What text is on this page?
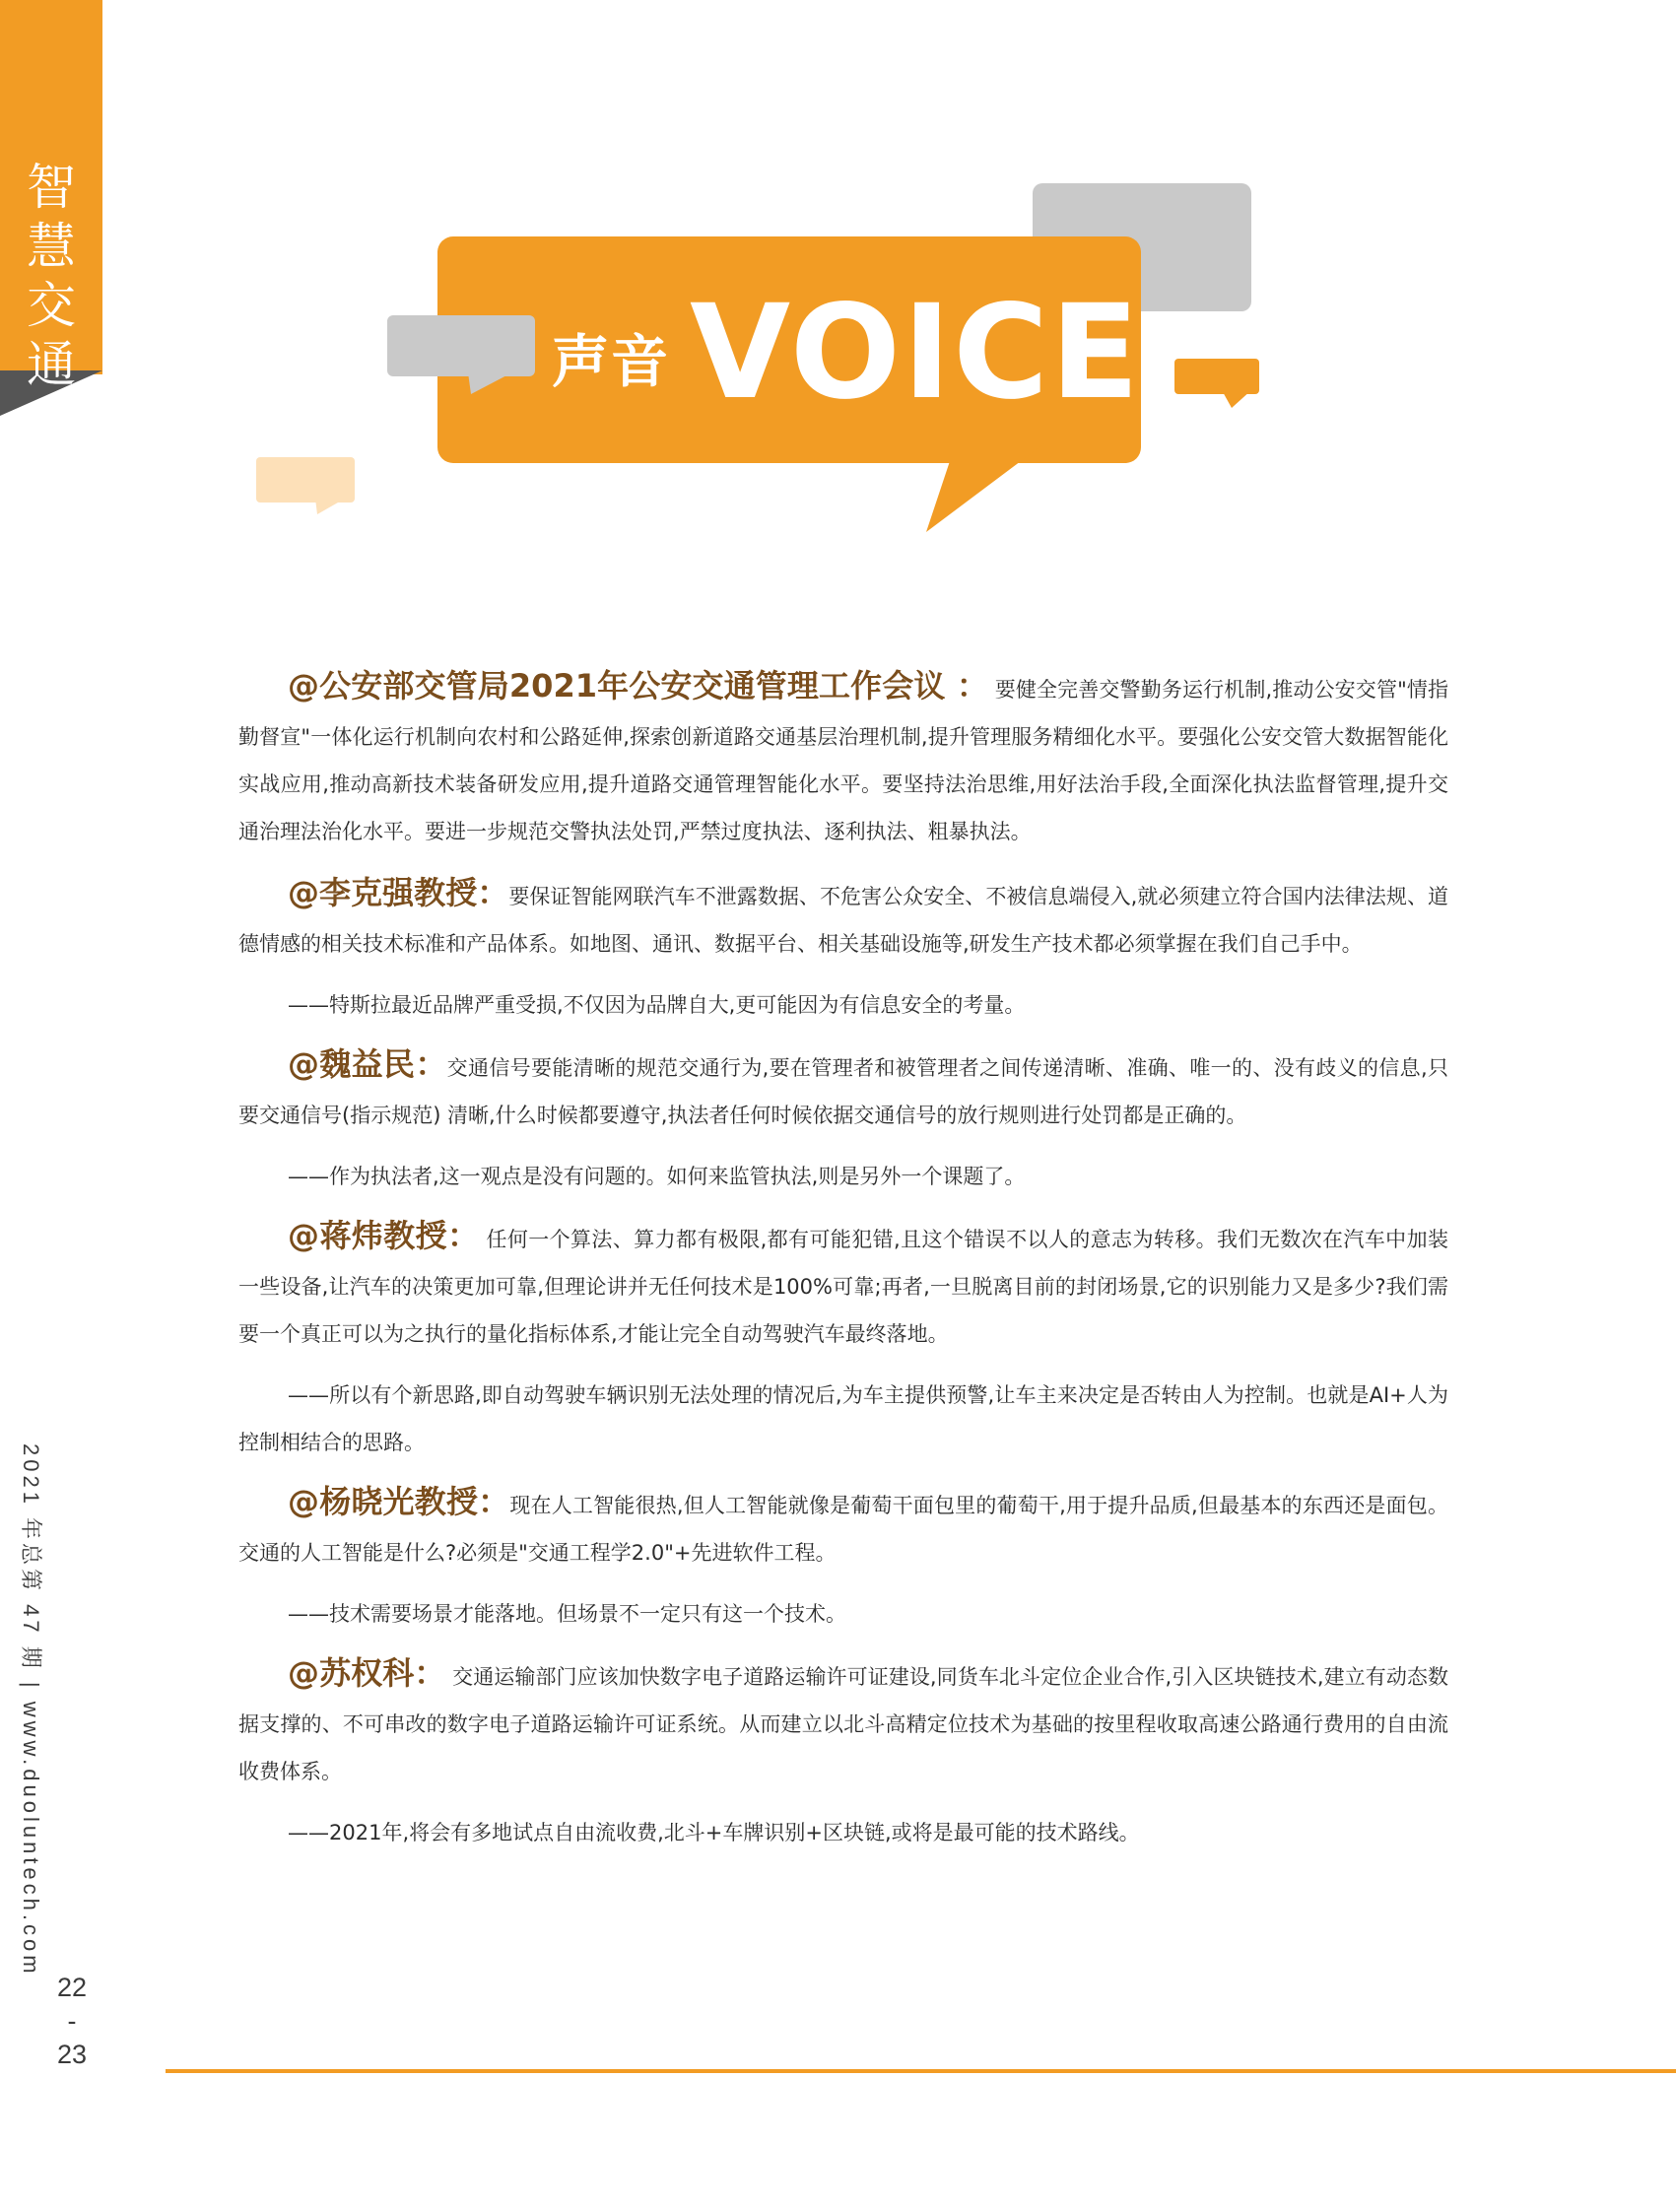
智
慧
交
通	声音 VOICE

@公安部交管局2021年公安交通管理工作会议 ： 要健全完善交警勤务运行机制,推动公安交管"情指勤督宣"一体化运行机制向农村和公路延伸,探索创新道路交通基层治理机制,提升管理服务精细化水平。要强化公安交管大数据智能化实战应用,推动高新技术装备研发应用,提升道路交通管理智能化水平。要坚持法治思维,用好法治手段,全面深化执法监督管理,提升交通治理法治化水平。要进一步规范交警执法处罚,严禁过度执法、逐利执法、粗暴执法。

@李克强教授：要保证智能网联汽车不泄露数据、不危害公众安全、不被信息端侵入,就必须建立符合国内法律法规、道德情感的相关技术标准和产品体系。如地图、通讯、数据平台、相关基础设施等,研发生产技术都必须掌握在我们自己手中。

——特斯拉最近品牌严重受损,不仅因为品牌自大,更可能因为有信息安全的考量。

@魏益民：交通信号要能清晰的规范交通行为,要在管理者和被管理者之间传递清晰、准确、唯一的、没有歧义的信息,只要交通信号(指示规范) 清晰,什么时候都要遵守,执法者任何时候依据交通信号的放行规则进行处罚都是正确的。

——作为执法者,这一观点是没有问题的。如何来监管执法,则是另外一个课题了。

@蒋炜教授： 任何一个算法、算力都有极限,都有可能犯错,且这个错误不以人的意志为转移。我们无数次在汽车中加装一些设备,让汽车的决策更加可靠,但理论讲并无任何技术是100%可靠;再者,一旦脱离目前的封闭场景,它的识别能力又是多少?我们需要一个真正可以为之执行的量化指标体系,才能让完全自动驾驶汽车最终落地。

——所以有个新思路,即自动驾驶车辆识别无法处理的情况后,为车主提供预警,让车主来决定是否转由人为控制。也就是AI+人为控制相结合的思路。

@杨晓光教授：现在人工智能很热,但人工智能就像是葡萄干面包里的葡萄干,用于提升品质,但最基本的东西还是面包。交通的人工智能是什么?必须是"交通工程学2.0"+先进软件工程。

——技术需要场景才能落地。但场景不一定只有这一个技术。

@苏权科： 交通运输部门应该加快数字电子道路运输许可证建设,同货车北斗定位企业合作,引入区块链技术,建立有动态数据支撑的、不可串改的数字电子道路运输许可证系统。从而建立以北斗高精定位技术为基础的按里程收取高速公路通行费用的自由流收费体系。

——2021年,将会有多地试点自由流收费,北斗+车牌识别+区块链,或将是最可能的技术路线。

2021 年总第 47 期 | www.duoluntech.com
22
-
23
